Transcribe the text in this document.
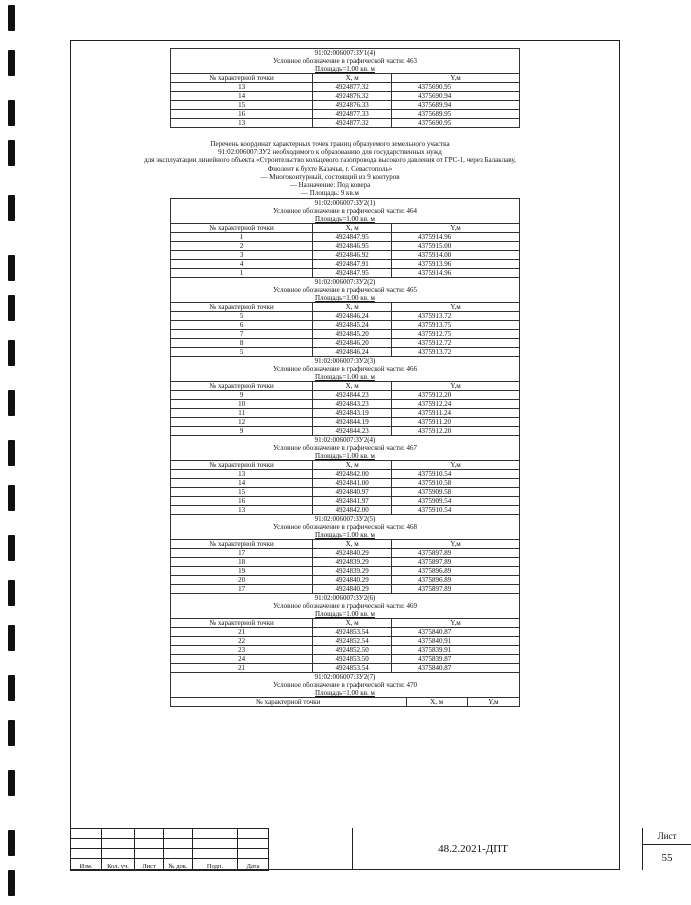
91:02:006007:ЗУ1(4)
Условное обозначение в графической части: 463
Площадь=1.00 кв. м
№ характерной точки	X, м	Y,м
13	4924877.32	4375690.95
14	4924876.32	4375690.94
15	4924876.33	4375689.94
16	4924877.33	4375689.95
13	4924877.32	4375690.95
Перечень координат характерных точек границ образуемого земельного участка
91:02:006007:ЗУ2 необходимого к образованию для государственных нужд
для эксплуатации линейного объекта «Строительство кольцевого газопровода высокого давления от ГРС-1, через Балаклаву,
Фиолент к бухте Казачья, г. Севастополь»
— Многоконтурный, состоящий из 9 контуров
— Назначение: Под ковера
— Площадь: 9 кв.м
91:02:006007:ЗУ2(1)
Условное обозначение в графической части: 464
Площадь=1.00 кв. м
№ характерной точки	X, м	Y,м
1	4924847.95	4375914.96
2	4924846.95	4375915.00
3	4924846.92	4375914.00
4	4924847.91	4375913.96
1	4924847.95	4375914.96
91:02:006007:ЗУ2(2)
Условное обозначение в графической части: 465
Площадь=1.00 кв. м
№ характерной точки	X, м	Y,м
5	4924846.24	4375913.72
6	4924845.24	4375913.75
7	4924845.20	4375912.75
8	4924846.20	4375912.72
5	4924846.24	4375913.72
91:02:006007:ЗУ2(3)
Условное обозначение в графической части: 466
Площадь=1.00 кв. м
№ характерной точки	X, м	Y,м
9	4924844.23	4375912.20
10	4924843.23	4375912.24
11	4924843.19	4375911.24
12	4924844.19	4375911.20
9	4924844.23	4375912.20
91:02:006007:ЗУ2(4)
Условное обозначение в графической части: 467
Площадь=1.00 кв. м
№ характерной точки	X, м	Y,м
13	4924842.00	4375910.54
14	4924841.00	4375910.58
15	4924840.97	4375909.58
16	4924841.97	4375909.54
13	4924842.00	4375910.54
91:02:006007:ЗУ2(5)
Условное обозначение в графической части: 468
Площадь=1.00 кв. м
№ характерной точки	X, м	Y,м
17	4924840.29	4375897.89
18	4924839.29	4375897.89
19	4924839.29	4375896.89
20	4924840.29	4375896.89
17	4924840.29	4375897.89
91:02:006007:ЗУ2(6)
Условное обозначение в графической части: 469
Площадь=1.00 кв. м
№ характерной точки	X, м	Y,м
21	4924853.54	4375840.87
22	4924852.54	4375840.91
23	4924852.50	4375839.91
24	4924853.50	4375839.87
21	4924853.54	4375840.87
91:02:006007:ЗУ2(7)
Условное обозначение в графической части: 470
Площадь=1.00 кв. м
№ характерной точки	X, м	Y,м

Изм.	Кол. уч.	Лист	№ док.	Подп.	Дата
48.2.2021-ДПТ
Лист
55
